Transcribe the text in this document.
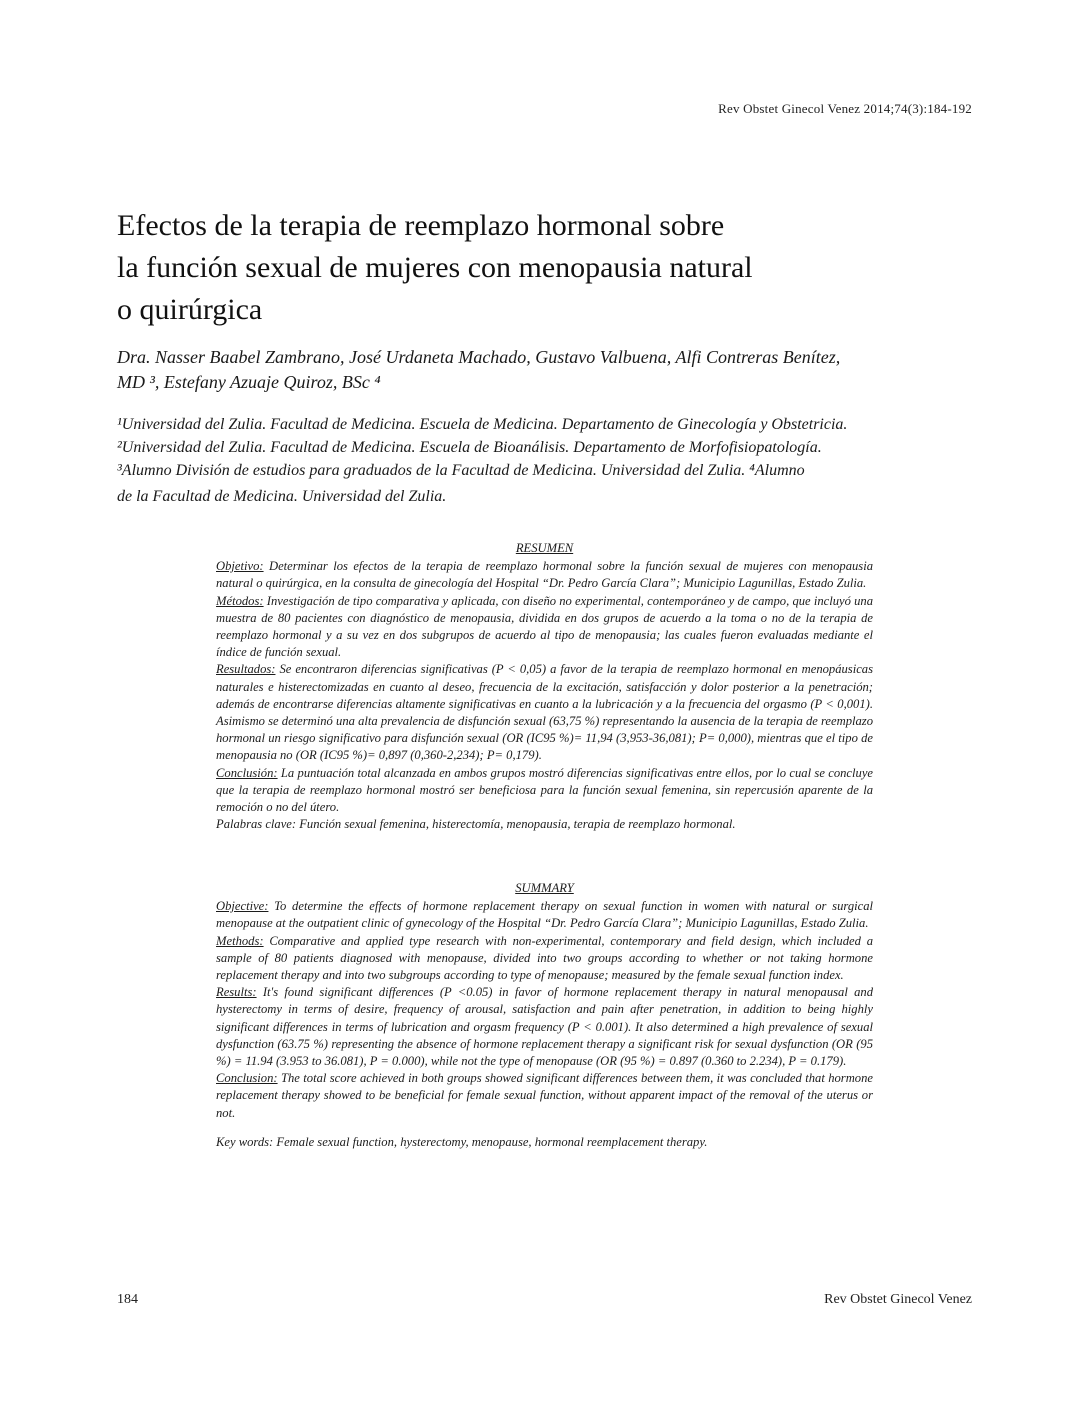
Rev Obstet Ginecol Venez 2014;74(3):184-192
Efectos de la terapia de reemplazo hormonal sobre
la función sexual de mujeres con menopausia natural
o quirúrgica

Dra. Nasser Baabel Zambrano, José Urdaneta Machado, Gustavo Valbuena, Alfi Contreras Benítez,
MD ³, Estefany Azuaje Quiroz, BSc ⁴

¹Universidad del Zulia. Facultad de Medicina. Escuela de Medicina. Departamento de Ginecología y Obstetricia.
²Universidad del Zulia. Facultad de Medicina. Escuela de Bioanálisis. Departamento de Morfofisiopatología.
³Alumno División de estudios para graduados de la Facultad de Medicina. Universidad del Zulia. ⁴Alumno
de la Facultad de Medicina. Universidad del Zulia.

RESUMEN

Objetivo: Determinar los efectos de la terapia de reemplazo hormonal sobre la función sexual de mujeres con menopausia natural o quirúrgica, en la consulta de ginecología del Hospital “Dr. Pedro García Clara”; Municipio Lagunillas, Estado Zulia.

Métodos: Investigación de tipo comparativa y aplicada, con diseño no experimental, contemporáneo y de campo, que incluyó una muestra de 80 pacientes con diagnóstico de menopausia, dividida en dos grupos de acuerdo a la toma o no de la terapia de reemplazo hormonal y a su vez en dos subgrupos de acuerdo al tipo de menopausia; las cuales fueron evaluadas mediante el índice de función sexual.

Resultados: Se encontraron diferencias significativas (P < 0,05) a favor de la terapia de reemplazo hormonal en menopáusicas naturales e histerectomizadas en cuanto al deseo, frecuencia de la excitación, satisfacción y dolor posterior a la penetración; además de encontrarse diferencias altamente significativas en cuanto a la lubricación y a la frecuencia del orgasmo (P < 0,001). Asimismo se determinó una alta prevalencia de disfunción sexual (63,75 %) representando la ausencia de la terapia de reemplazo hormonal un riesgo significativo para disfunción sexual (OR (IC95 %)= 11,94 (3,953-36,081); P= 0,000), mientras que el tipo de menopausia no (OR (IC95 %)= 0,897 (0,360-2,234); P= 0,179).

Conclusión: La puntuación total alcanzada en ambos grupos mostró diferencias significativas entre ellos, por lo cual se concluye que la terapia de reemplazo hormonal mostró ser beneficiosa para la función sexual femenina, sin repercusión aparente de la remoción o no del útero.

Palabras clave: Función sexual femenina, histerectomía, menopausia, terapia de reemplazo hormonal.

SUMMARY

Objective: To determine the effects of hormone replacement therapy on sexual function in women with natural or surgical menopause at the outpatient clinic of gynecology of the Hospital “Dr. Pedro García Clara”; Municipio Lagunillas, Estado Zulia.

Methods: Comparative and applied type research with non-experimental, contemporary and field design, which included a sample of 80 patients diagnosed with menopause, divided into two groups according to whether or not taking hormone replacement therapy and into two subgroups according to type of menopause; measured by the female sexual function index.

Results: It's found significant differences (P <0.05) in favor of hormone replacement therapy in natural menopausal and hysterectomy in terms of desire, frequency of arousal, satisfaction and pain after penetration, in addition to being highly significant differences in terms of lubrication and orgasm frequency (P < 0.001). It also determined a high prevalence of sexual dysfunction (63.75 %) representing the absence of hormone replacement therapy a significant risk for sexual dysfunction (OR (95 %) = 11.94 (3.953 to 36.081), P = 0.000), while not the type of menopause (OR (95 %) = 0.897 (0.360 to 2.234), P = 0.179).

Conclusion: The total score achieved in both groups showed significant differences between them, it was concluded that hormone replacement therapy showed to be beneficial for female sexual function, without apparent impact of the removal of the uterus or not.

Key words: Female sexual function, hysterectomy, menopause, hormonal reemplacement therapy.

184	Rev Obstet Ginecol Venez
